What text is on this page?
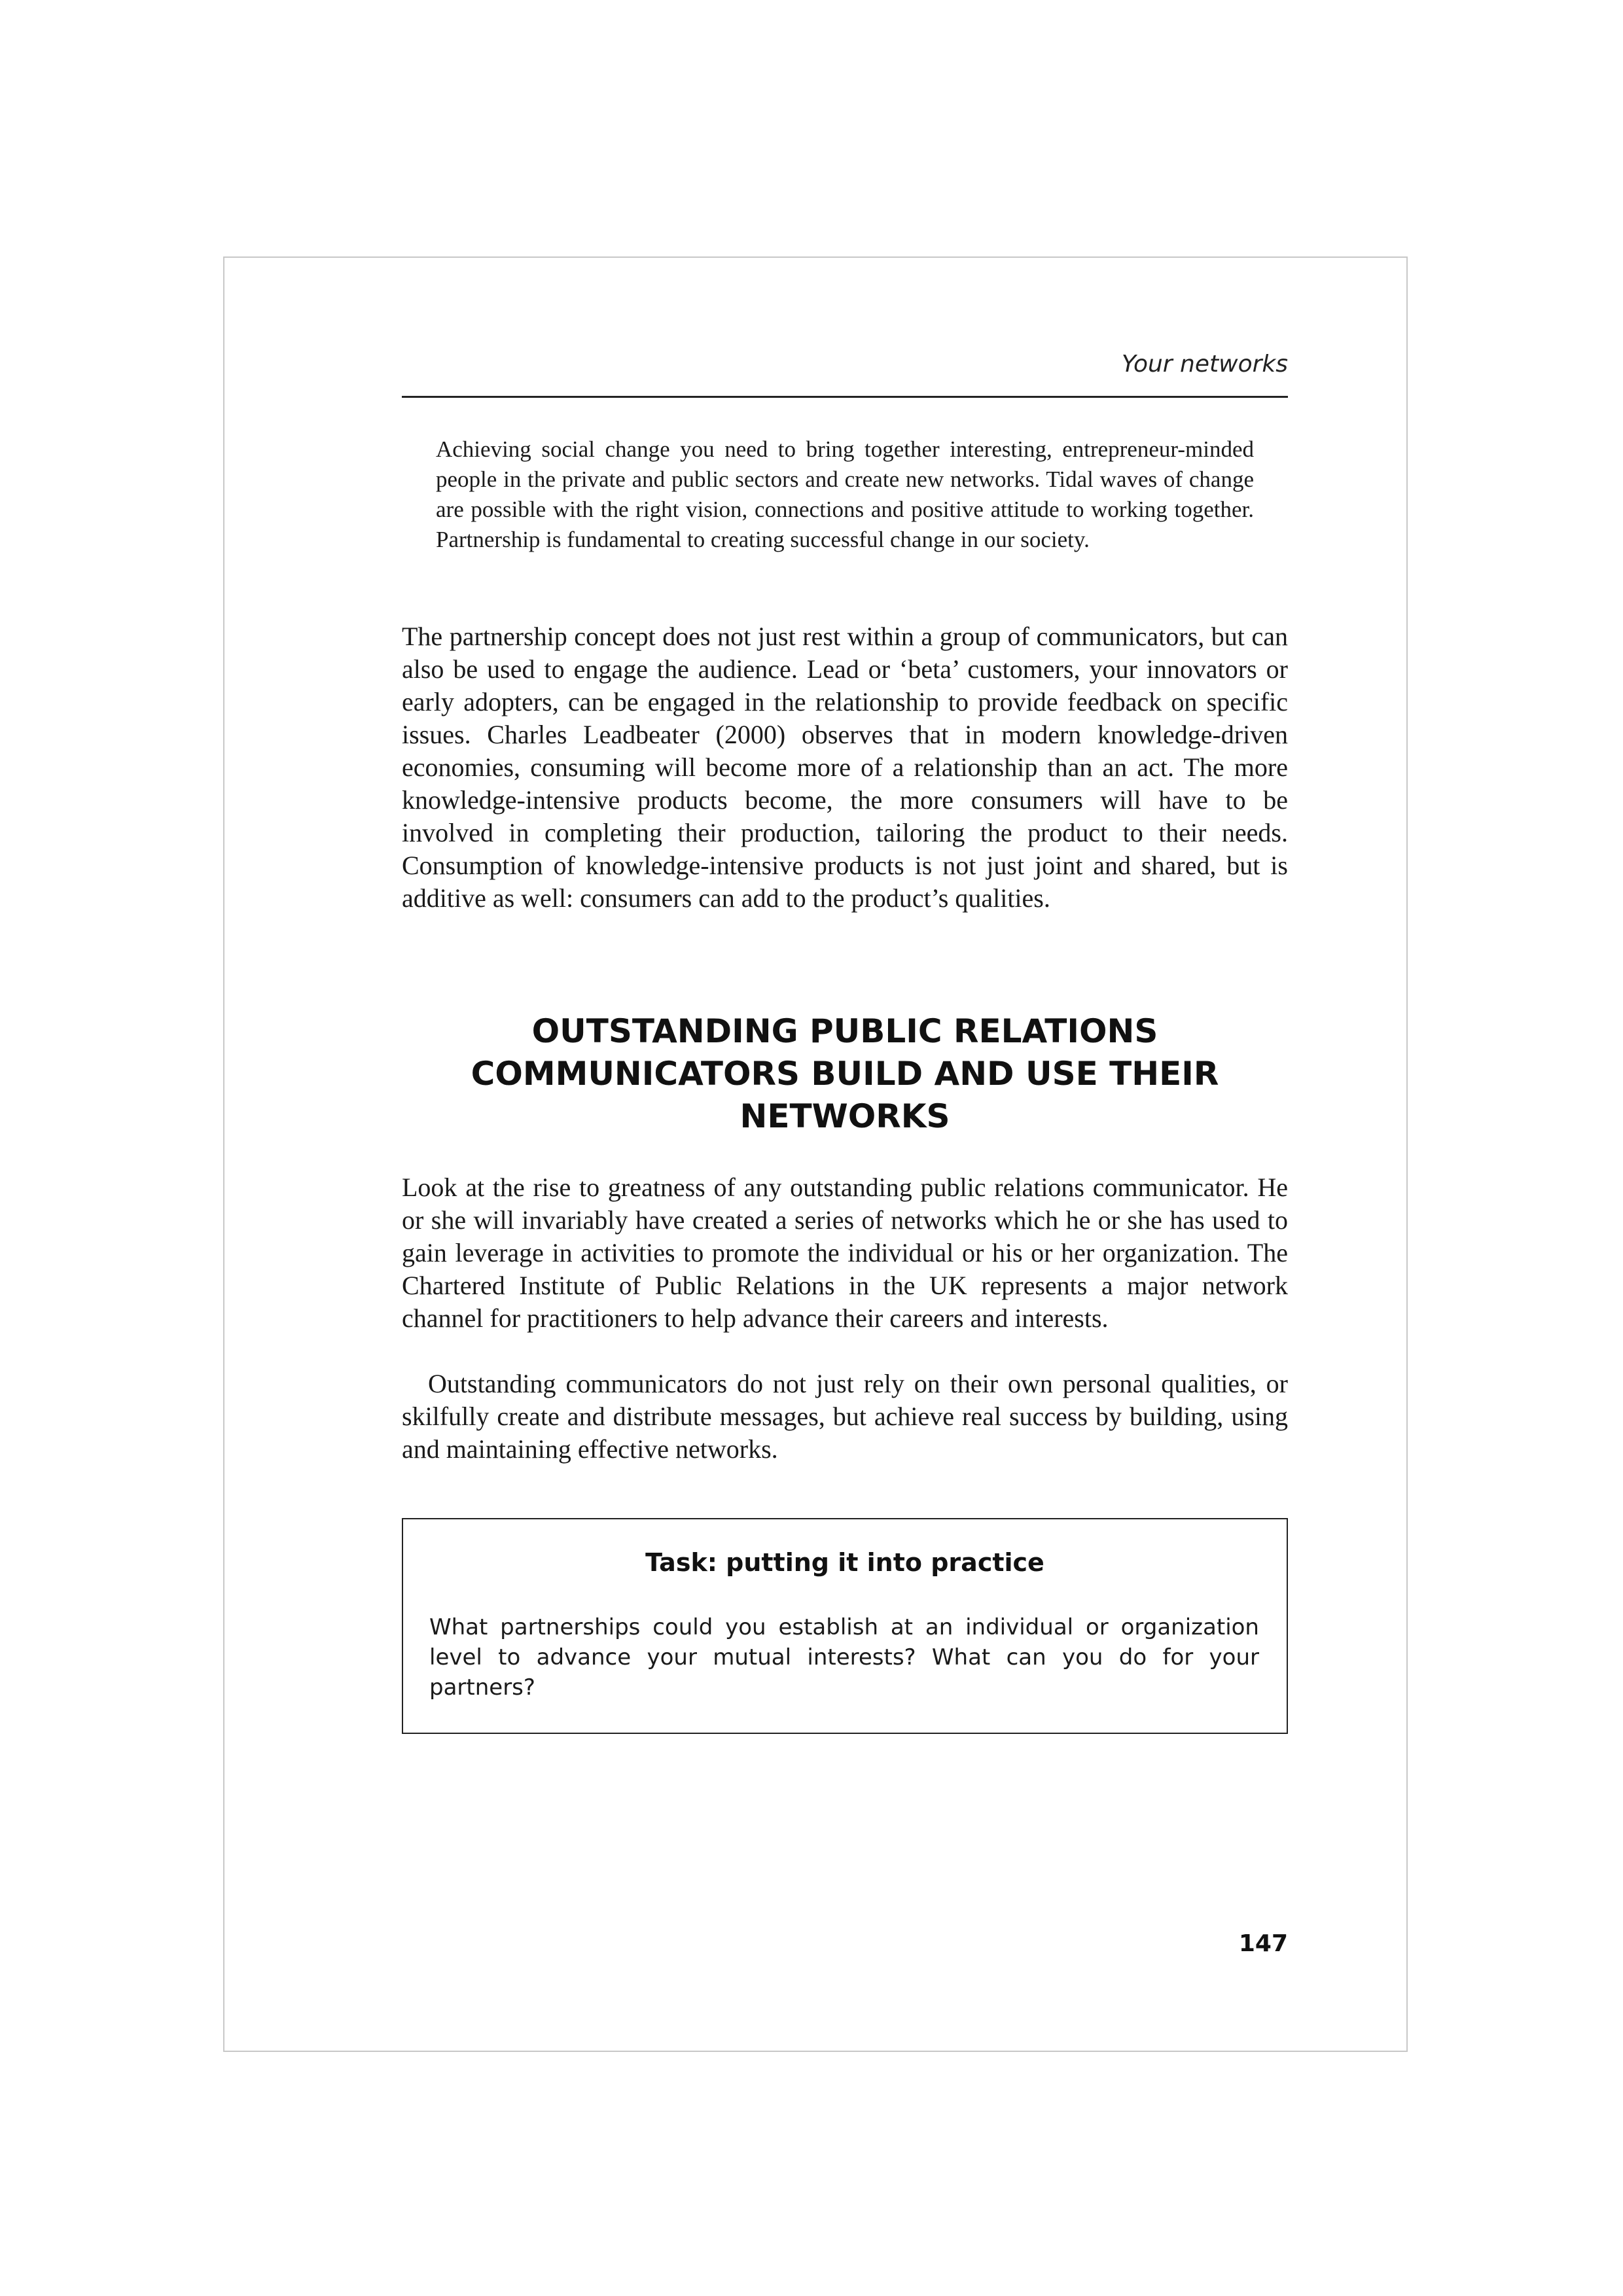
Your networks

Achieving social change you need to bring together interesting, entrepreneur-minded people in the private and public sectors and create new networks. Tidal waves of change are possible with the right vision, connections and positive attitude to working together. Partnership is fundamental to creating successful change in our society.

The partnership concept does not just rest within a group of communicators, but can also be used to engage the audience. Lead or ‘beta’ customers, your innovators or early adopters, can be engaged in the relationship to provide feedback on specific issues. Charles Leadbeater (2000) observes that in modern knowledge-driven economies, consuming will become more of a relationship than an act. The more knowledge-intensive products become, the more consumers will have to be involved in completing their production, tailoring the product to their needs. Consumption of knowledge-intensive products is not just joint and shared, but is additive as well: consumers can add to the product’s qualities.

OUTSTANDING PUBLIC RELATIONS COMMUNICATORS BUILD AND USE THEIR NETWORKS

Look at the rise to greatness of any outstanding public relations communicator. He or she will invariably have created a series of networks which he or she has used to gain leverage in activities to promote the individual or his or her organization. The Chartered Institute of Public Relations in the UK represents a major network channel for practitioners to help advance their careers and interests.

Outstanding communicators do not just rely on their own personal qualities, or skilfully create and distribute messages, but achieve real success by building, using and maintaining effective networks.

Task: putting it into practice

What partnerships could you establish at an individual or organization level to advance your mutual interests? What can you do for your partners?

147
